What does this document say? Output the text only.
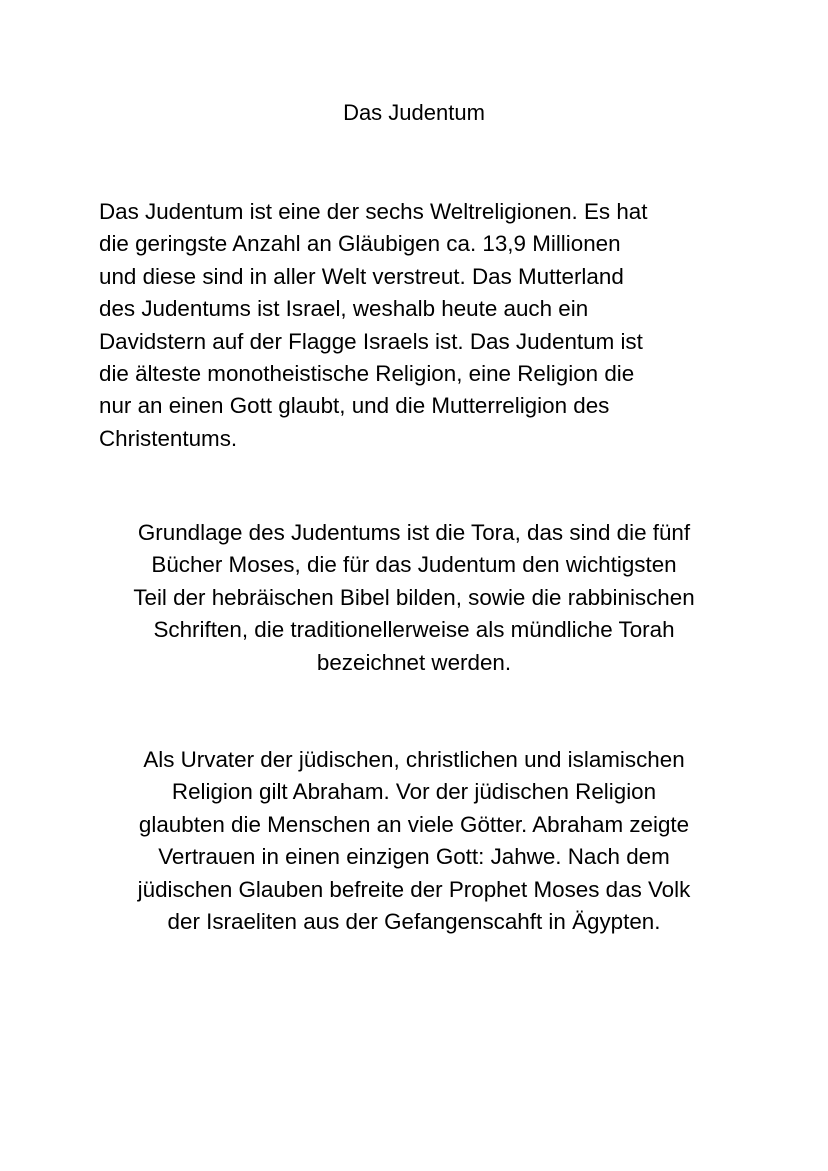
Das Judentum

Das Judentum ist eine der sechs Weltreligionen. Es hat
die geringste Anzahl an Gläubigen ca. 13,9 Millionen
und diese sind in aller Welt verstreut. Das Mutterland
des Judentums ist Israel, weshalb heute auch ein
Davidstern auf der Flagge Israels ist. Das Judentum ist
die älteste monotheistische Religion, eine Religion die
nur an einen Gott glaubt, und die Mutterreligion des
Christentums.

Grundlage des Judentums ist die Tora, das sind die fünf
Bücher Moses, die für das Judentum den wichtigsten
Teil der hebräischen Bibel bilden, sowie die rabbinischen
Schriften, die traditionellerweise als mündliche Torah
bezeichnet werden.

Als Urvater der jüdischen, christlichen und islamischen
Religion gilt Abraham. Vor der jüdischen Religion
glaubten die Menschen an viele Götter. Abraham zeigte
Vertrauen in einen einzigen Gott: Jahwe. Nach dem
jüdischen Glauben befreite der Prophet Moses das Volk
der Israeliten aus der Gefangenscahft in Ägypten.
